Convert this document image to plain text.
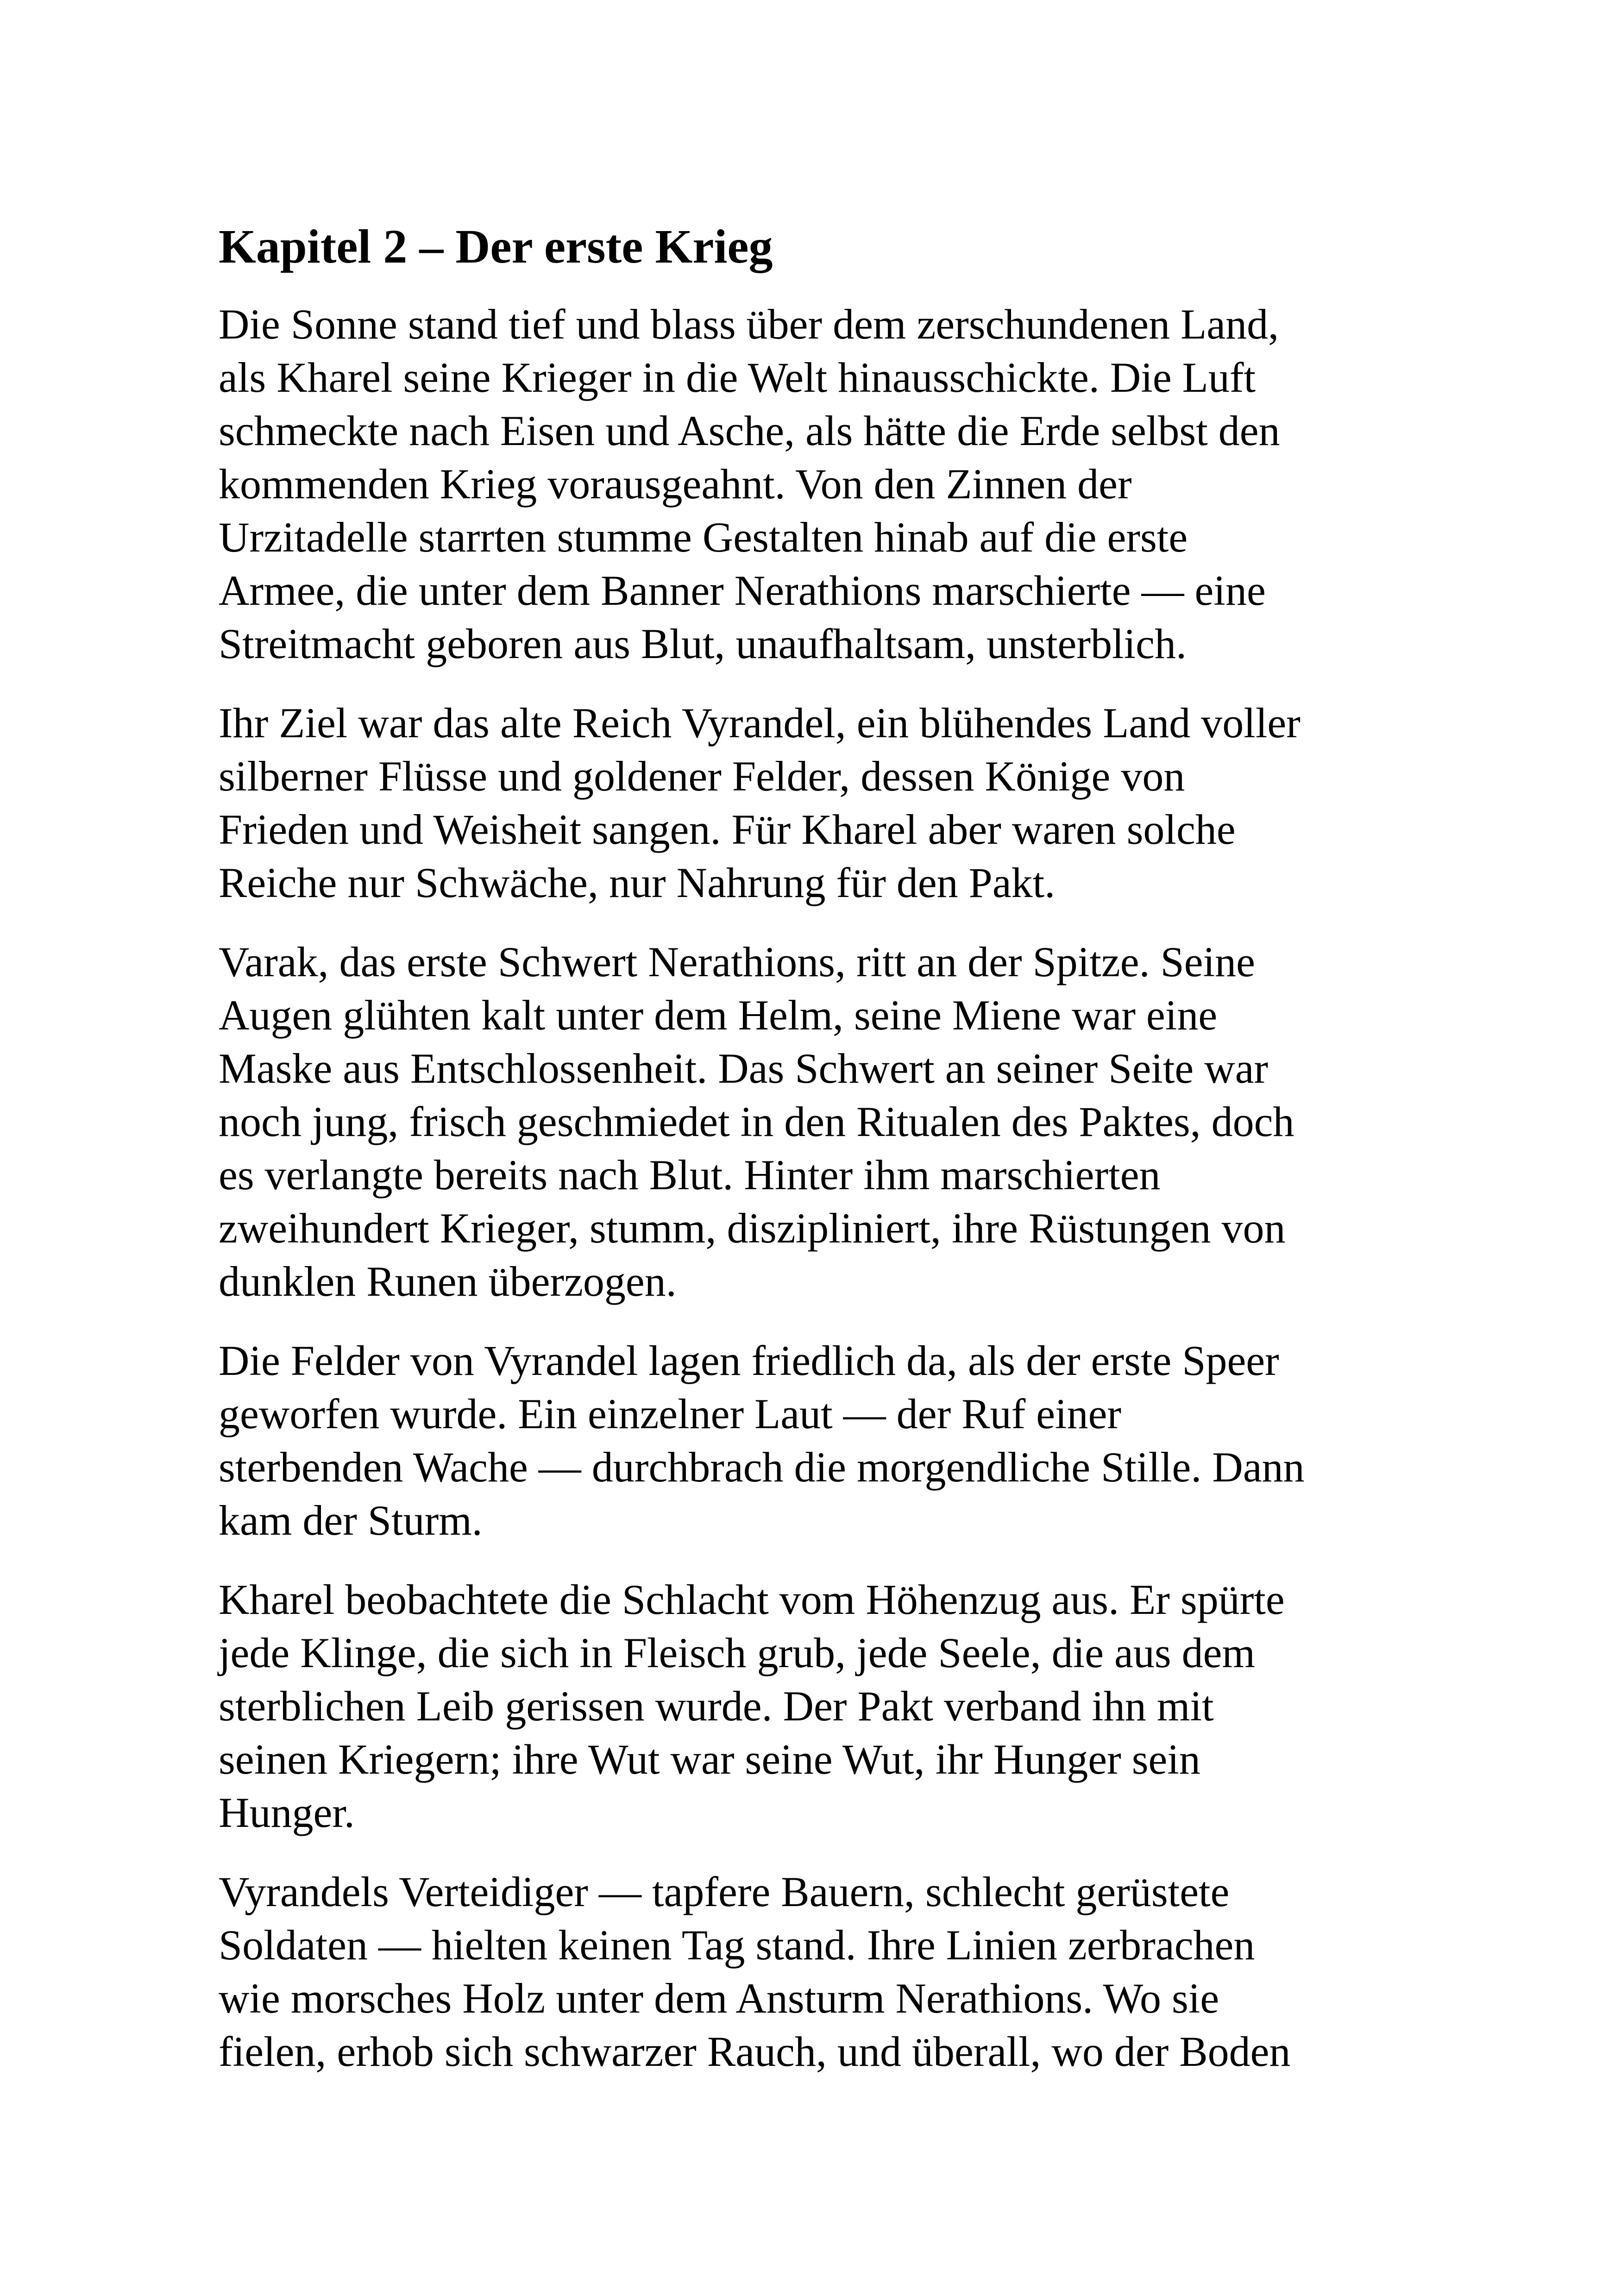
Kapitel 2 – Der erste Krieg
Die Sonne stand tief und blass über dem zerschundenen Land,
als Kharel seine Krieger in die Welt hinausschickte. Die Luft
schmeckte nach Eisen und Asche, als hätte die Erde selbst den
kommenden Krieg vorausgeahnt. Von den Zinnen der
Urzitadelle starrten stumme Gestalten hinab auf die erste
Armee, die unter dem Banner Nerathions marschierte — eine
Streitmacht geboren aus Blut, unaufhaltsam, unsterblich.
Ihr Ziel war das alte Reich Vyrandel, ein blühendes Land voller
silberner Flüsse und goldener Felder, dessen Könige von
Frieden und Weisheit sangen. Für Kharel aber waren solche
Reiche nur Schwäche, nur Nahrung für den Pakt.
Varak, das erste Schwert Nerathions, ritt an der Spitze. Seine
Augen glühten kalt unter dem Helm, seine Miene war eine
Maske aus Entschlossenheit. Das Schwert an seiner Seite war
noch jung, frisch geschmiedet in den Ritualen des Paktes, doch
es verlangte bereits nach Blut. Hinter ihm marschierten
zweihundert Krieger, stumm, diszipliniert, ihre Rüstungen von
dunklen Runen überzogen.
Die Felder von Vyrandel lagen friedlich da, als der erste Speer
geworfen wurde. Ein einzelner Laut — der Ruf einer
sterbenden Wache — durchbrach die morgendliche Stille. Dann
kam der Sturm.
Kharel beobachtete die Schlacht vom Höhenzug aus. Er spürte
jede Klinge, die sich in Fleisch grub, jede Seele, die aus dem
sterblichen Leib gerissen wurde. Der Pakt verband ihn mit
seinen Kriegern; ihre Wut war seine Wut, ihr Hunger sein
Hunger.
Vyrandels Verteidiger — tapfere Bauern, schlecht gerüstete
Soldaten — hielten keinen Tag stand. Ihre Linien zerbrachen
wie morsches Holz unter dem Ansturm Nerathions. Wo sie
fielen, erhob sich schwarzer Rauch, und überall, wo der Boden
